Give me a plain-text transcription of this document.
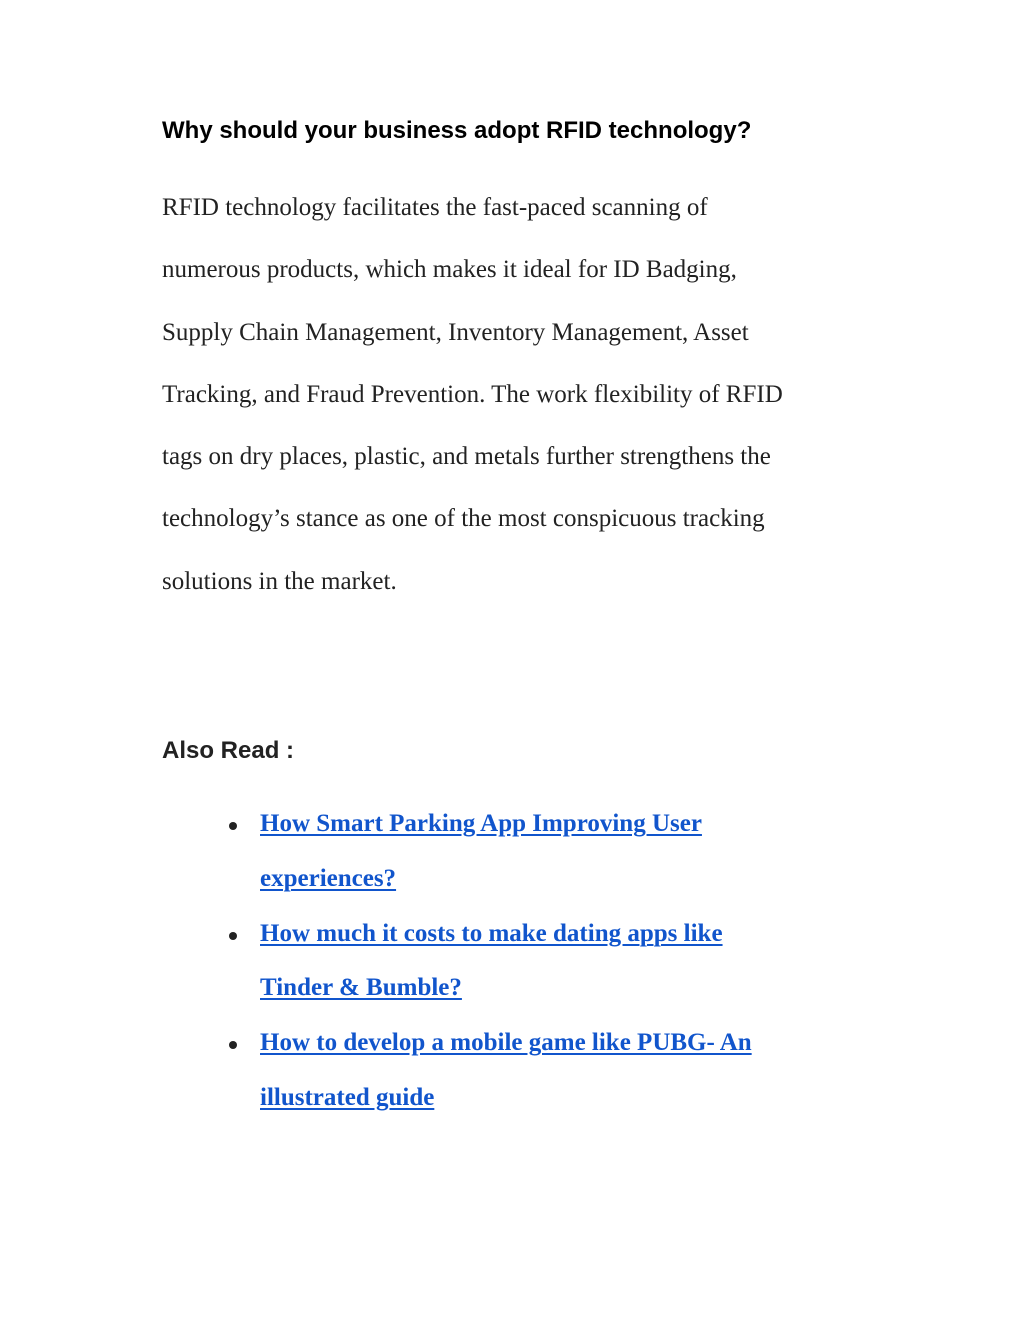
Why should your business adopt RFID technology?

RFID technology facilitates the fast-paced scanning of
numerous products, which makes it ideal for ID Badging,
Supply Chain Management, Inventory Management, Asset
Tracking, and Fraud Prevention. The work flexibility of RFID
tags on dry places, plastic, and metals further strengthens the
technology’s stance as one of the most conspicuous tracking
solutions in the market.

Also Read :
How Smart Parking App Improving User
experiences?
How much it costs to make dating apps like
Tinder & Bumble?
How to develop a mobile game like PUBG- An
illustrated guide
